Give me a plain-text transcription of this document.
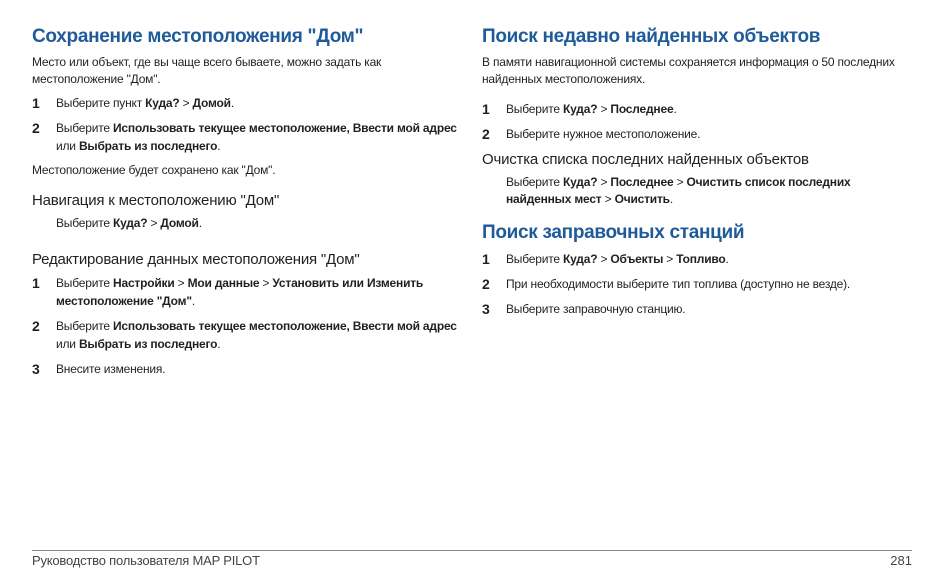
Сохранение местоположения "Дом"

Место или объект, где вы чаще всего бываете, можно задать как местоположение "Дом".

1	Выберите пункт Куда? > Домой.
2	Выберите Использовать текущее местоположение, Ввести мой адрес или Выбрать из последнего.

Местоположение будет сохранено как "Дом".

Навигация к местоположению "Дом"

Выберите Куда? > Домой.

Редактирование данных местоположения "Дом"
1	Выберите Настройки > Мои данные > Установить или Изменить местоположение "Дом".
2	Выберите Использовать текущее местоположение, Ввести мой адрес или Выбрать из последнего.
3	Внесите изменения.
Поиск недавно найденных объектов

В памяти навигационной системы сохраняется информация о 50 последних найденных местоположениях.

1	Выберите Куда? > Последнее.
2	Выберите нужное местоположение.
Очистка списка последних найденных объектов

Выберите Куда? > Последнее > Очистить список последних найденных мест > Очистить.

Поиск заправочных станций
1	Выберите Куда? > Объекты > Топливо.
2	При необходимости выберите тип топлива (доступно не везде).
3	Выберите заправочную станцию.
Руководство пользователя MAP PILOT	281
